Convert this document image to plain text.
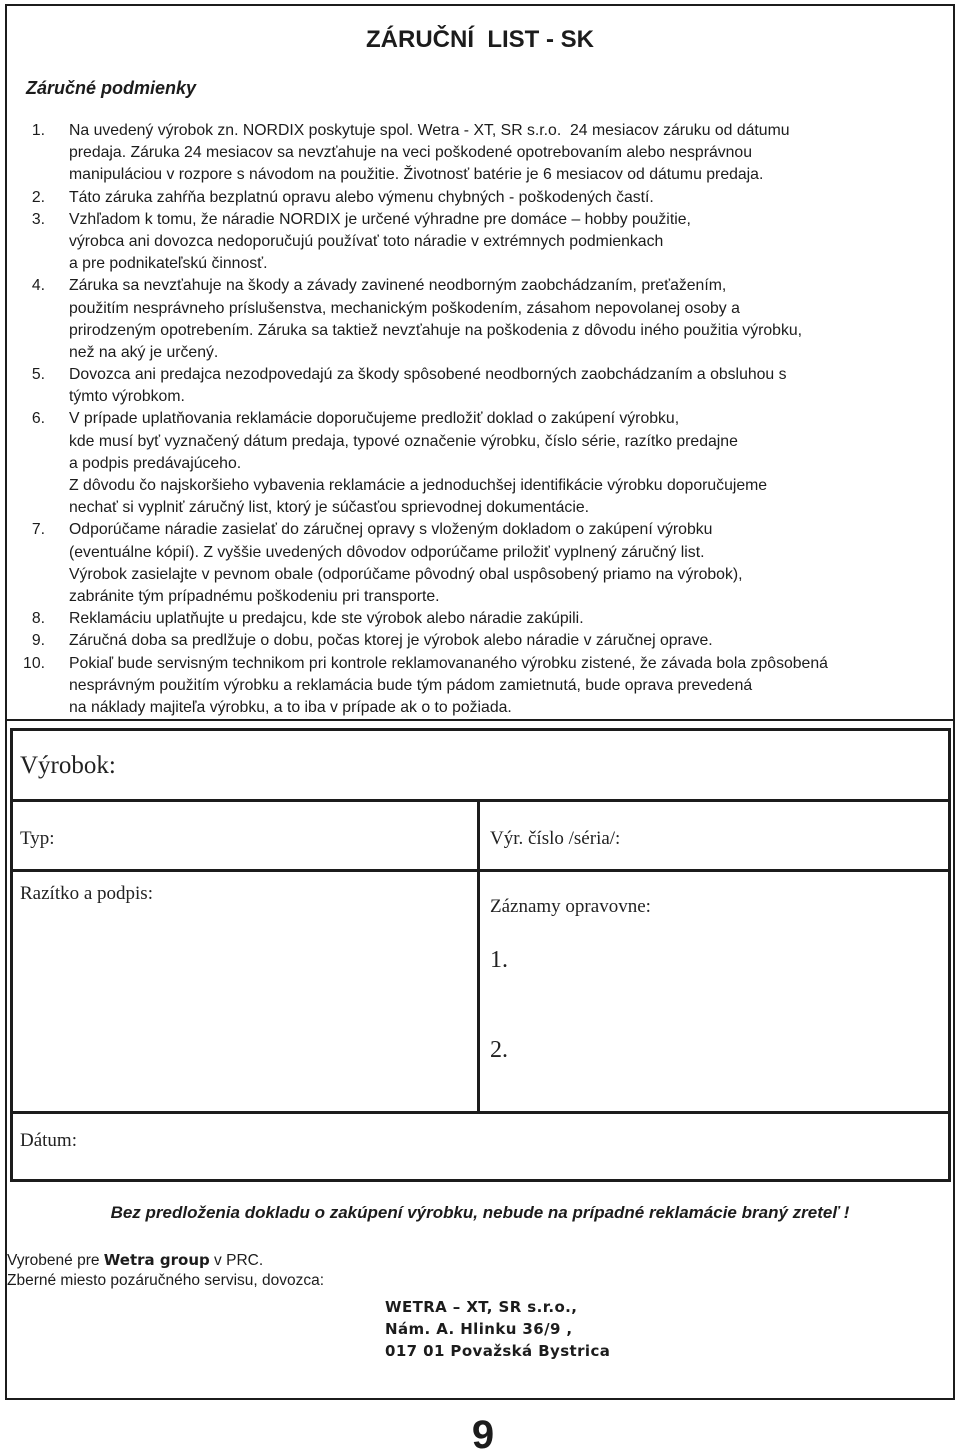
ZÁRUČNÍ  LIST - SK
Záručné podmienky
1. Na uvedený výrobok zn. NORDIX poskytuje spol. Wetra - XT, SR s.r.o.  24 mesiacov záruku od dátumu
predaja. Záruka 24 mesiacov sa nevzťahuje na veci poškodené opotrebovaním alebo nesprávnou
manipuláciou v rozpore s návodom na použitie. Životnosť batérie je 6 mesiacov od dátumu predaja.
2. Táto záruka zahŕňa bezplatnú opravu alebo výmenu chybných - poškodených častí.
3. Vzhľadom k tomu, že náradie NORDIX je určené výhradne pre domáce – hobby použitie,
výrobca ani dovozca nedoporučujú používať toto náradie v extrémnych podmienkach
a pre podnikateľskú činnosť.
4. Záruka sa nevzťahuje na škody a závady zavinené neodborným zaobchádzaním, preťažením,
použitím nesprávneho príslušenstva, mechanickým poškodením, zásahom nepovolanej osoby a
prirodzeným opotrebením. Záruka sa taktiež nevzťahuje na poškodenia z dôvodu iného použitia výrobku,
než na aký je určený.
5. Dovozca ani predajca nezodpovedajú za škody spôsobené neodborných zaobchádzaním a obsluhou s
týmto výrobkom.
6. V prípade uplatňovania reklamácie doporučujeme predložiť doklad o zakúpení výrobku,
kde musí byť vyznačený dátum predaja, typové označenie výrobku, číslo série, razítko predajne
a podpis predávajúceho.
Z dôvodu čo najskoršieho vybavenia reklamácie a jednoduchšej identifikácie výrobku doporučujeme
nechať si vyplniť záručný list, ktorý je súčasťou sprievodnej dokumentácie.
7. Odporúčame náradie zasielať do záručnej opravy s vloženým dokladom o zakúpení výrobku
(eventuálne kópií). Z vyššie uvedených dôvodov odporúčame priložiť vyplnený záručný list.
Výrobok zasielajte v pevnom obale (odporúčame pôvodný obal uspôsobený priamo na výrobok),
zabránite tým prípadnému poškodeniu pri transporte.
8. Reklamáciu uplatňujte u predajcu, kde ste výrobok alebo náradie zakúpili.
9. Záručná doba sa predlžuje o dobu, počas ktorej je výrobok alebo náradie v záručnej oprave.
10. Pokiaľ bude servisným technikom pri kontrole reklamovananého výrobku zistené, že závada bola zpôsobená
nesprávným použitím výrobku a reklamácia bude tým pádom zamietnutá, bude oprava prevedená
na náklady majiteľa výrobku, a to iba v prípade ak o to požiada.
Výrobok:
Typ:	Výr. číslo /séria/:
Razítko a podpis:
Záznamy opravovne:
1.
2.
Dátum:
Bez predloženia dokladu o zakúpení výrobku, nebude na prípadné reklamácie braný zreteľ !
Vyrobené pre Wetra group v PRC.
Zberné miesto pozáručného servisu, dovozca:
WETRA – XT, SR s.r.o.,
Nám. A. Hlinku 36/9 ,
017 01 Považská Bystrica
9
